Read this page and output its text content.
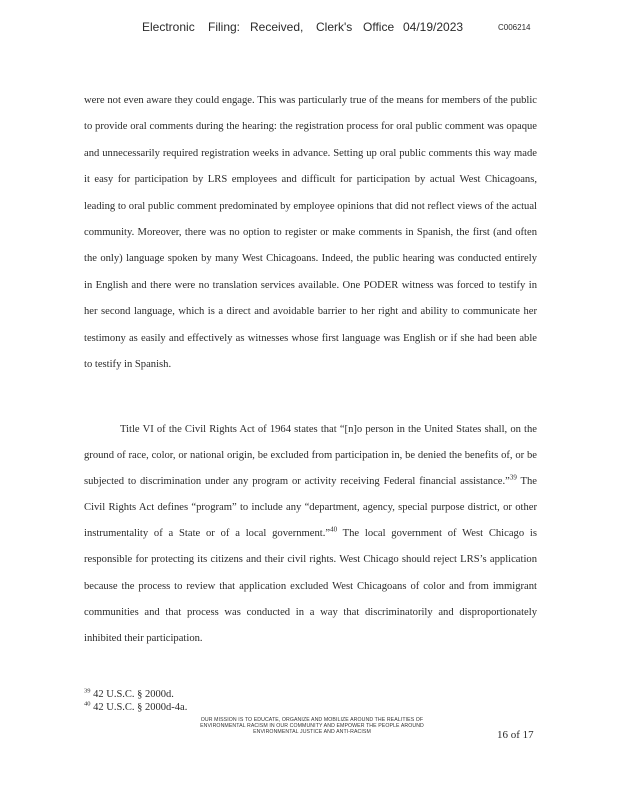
Electronic Filing: Received, Clerk's Office 04/19/2023	C006214
were not even aware they could engage. This was particularly true of the means for members of the public to provide oral comments during the hearing: the registration process for oral public comment was opaque and unnecessarily required registration weeks in advance. Setting up oral public comments this way made it easy for participation by LRS employees and difficult for participation by actual West Chicagoans, leading to oral public comment predominated by employee opinions that did not reflect views of the actual community. Moreover, there was no option to register or make comments in Spanish, the first (and often the only) language spoken by many West Chicagoans. Indeed, the public hearing was conducted entirely in English and there were no translation services available. One PODER witness was forced to testify in her second language, which is a direct and avoidable barrier to her right and ability to communicate her testimony as easily and effectively as witnesses whose first language was English or if she had been able to testify in Spanish.
Title VI of the Civil Rights Act of 1964 states that “[n]o person in the United States shall, on the ground of race, color, or national origin, be excluded from participation in, be denied the benefits of, or be subjected to discrimination under any program or activity receiving Federal financial assistance.”$^{39}$ The Civil Rights Act defines “program” to include any “department, agency, special purpose district, or other instrumentality of a State or of a local government.”$^{40}$ The local government of West Chicago is responsible for protecting its citizens and their civil rights. West Chicago should reject LRS’s application because the process to review that application excluded West Chicagoans of color and from immigrant communities and that process was conducted in a way that discriminatorily and disproportionately inhibited their participation.
$^{39}$ 42 U.S.C. § 2000d.
$^{40}$ 42 U.S.C. § 2000d-4a.
OUR MISSION IS TO EDUCATE, ORGANIZE AND MOBILIZE AROUND THE REALITIES OF
ENVIRONMENTAL RACISM IN OUR COMMUNITY AND EMPOWER THE PEOPLE AROUND
ENVIRONMENTAL JUSTICE AND ANTI-RACISM	16 of 17
